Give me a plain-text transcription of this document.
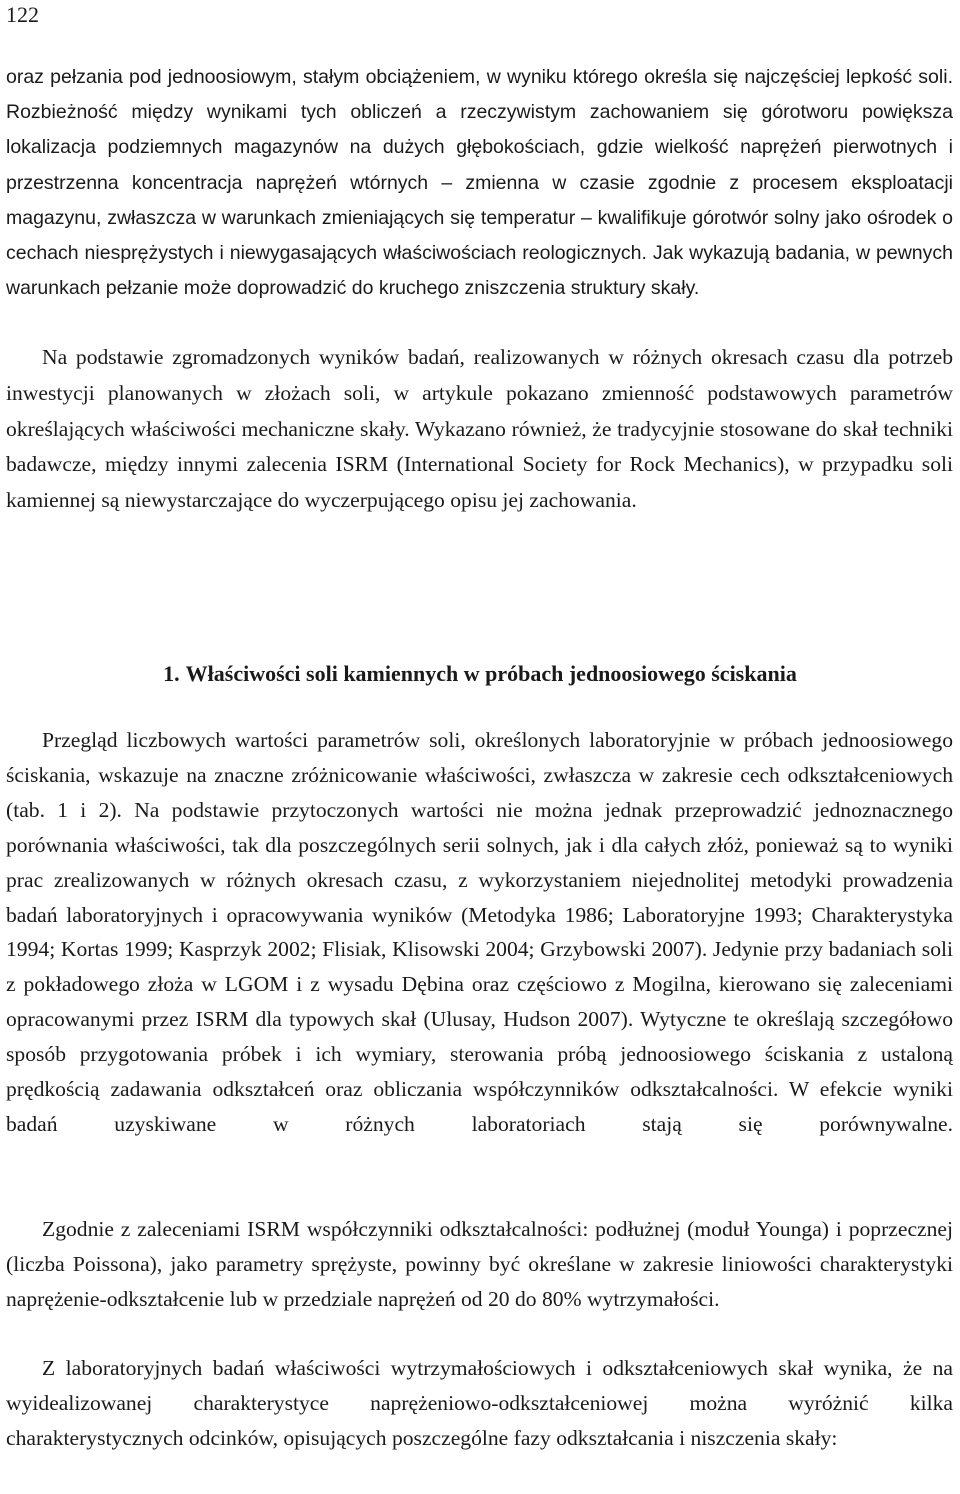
122

oraz pełzania pod jednoosiowym, stałym obciążeniem, w wyniku którego określa się najczęściej lepkość soli. Rozbieżność między wynikami tych obliczeń a rzeczywistym zachowaniem się górotworu powiększa lokalizacja podziemnych magazynów na dużych głębokościach, gdzie wielkość naprężeń pierwotnych i przestrzenna koncentracja naprężeń wtórnych – zmienna w czasie zgodnie z procesem eksploatacji magazynu, zwłaszcza w warunkach zmieniających się temperatur – kwalifikuje górotwór solny jako ośrodek o cechach niesprężystych i niewygasających właściwościach reologicznych. Jak wykazują badania, w pewnych warunkach pełzanie może doprowadzić do kruchego zniszczenia struktury skały.

Na podstawie zgromadzonych wyników badań, realizowanych w różnych okresach czasu dla potrzeb inwestycji planowanych w złożach soli, w artykule pokazano zmienność podstawowych parametrów określających właściwości mechaniczne skały. Wykazano również, że tradycyjnie stosowane do skał techniki badawcze, między innymi zalecenia ISRM (International Society for Rock Mechanics), w przypadku soli kamiennej są niewystarczające do wyczerpującego opisu jej zachowania.

1. Właściwości soli kamiennych w próbach jednoosiowego ściskania

Przegląd liczbowych wartości parametrów soli, określonych laboratoryjnie w próbach jednoosiowego ściskania, wskazuje na znaczne zróżnicowanie właściwości, zwłaszcza w zakresie cech odkształceniowych (tab. 1 i 2). Na podstawie przytoczonych wartości nie można jednak przeprowadzić jednoznacznego porównania właściwości, tak dla poszczególnych serii solnych, jak i dla całych złóż, ponieważ są to wyniki prac zrealizowanych w różnych okresach czasu, z wykorzystaniem niejednolitej metodyki prowadzenia badań laboratoryjnych i opracowywania wyników (Metodyka 1986; Laboratoryjne 1993; Charakterystyka 1994; Kortas 1999; Kasprzyk 2002; Flisiak, Klisowski 2004; Grzybowski 2007). Jedynie przy badaniach soli z pokładowego złoża w LGOM i z wysadu Dębina oraz częściowo z Mogilna, kierowano się zaleceniami opracowanymi przez ISRM dla typowych skał (Ulusay, Hudson 2007). Wytyczne te określają szczegółowo sposób przygotowania próbek i ich wymiary, sterowania próbą jednoosiowego ściskania z ustaloną prędkością zadawania odkształceń oraz obliczania współczynników odkształcalności. W efekcie wyniki badań uzyskiwane w różnych laboratoriach stają się porównywalne.

Zgodnie z zaleceniami ISRM współczynniki odkształcalności: podłużnej (moduł Younga) i poprzecznej (liczba Poissona), jako parametry sprężyste, powinny być określane w zakresie liniowości charakterystyki naprężenie-odkształcenie lub w przedziale naprężeń od 20 do 80% wytrzymałości.

Z laboratoryjnych badań właściwości wytrzymałościowych i odkształceniowych skał wynika, że na wyidealizowanej charakterystyce naprężeniowo-odkształceniowej można wyróżnić kilka charakterystycznych odcinków, opisujących poszczególne fazy odkształcania i niszczenia skały:
